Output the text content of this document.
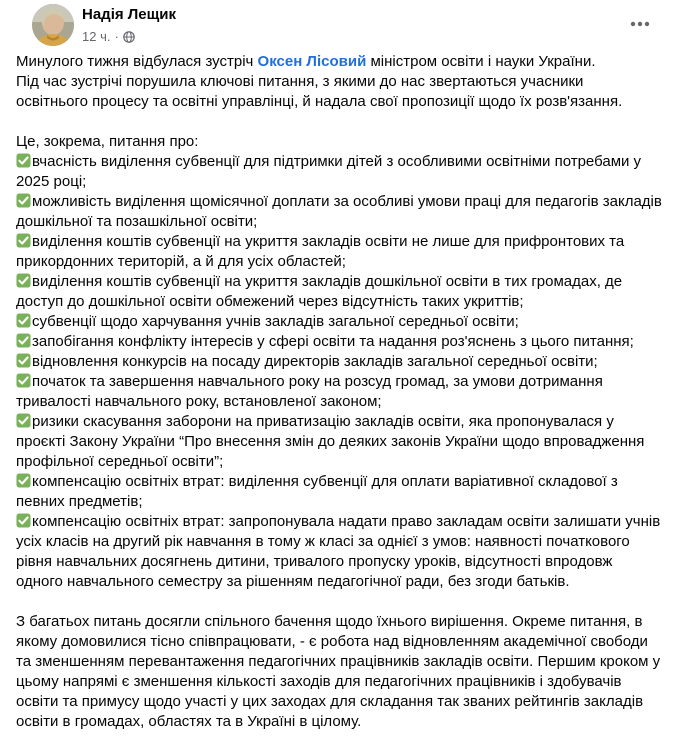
Надія Лещик
12 ч. ·
Минулого тижня відбулася зустріч Оксен Лісовий міністром освіти і науки України.
Під час зустрічі порушила ключові питання, з якими до нас звертаються учасники
освітнього процесу та освітні управлінці, й надала свої пропозиції щодо їх розв'язання.
Це, зокрема, питання про:
вчасність виділення субвенції для підтримки дітей з особливими освітніми потребами у
2025 році;
можливість виділення щомісячної доплати за особливі умови праці для педагогів закладів
дошкільної та позашкільної освіти;
виділення коштів субвенції на укриття закладів освіти не лише для прифронтових та
прикордонних територій, а й для усіх областей;
виділення коштів субвенції на укриття закладів дошкільної освіти в тих громадах, де
доступ до дошкільної освіти обмежений через відсутність таких укриттів;
субвенції щодо харчування учнів закладів загальної середньої освіти;
запобігання конфлікту інтересів у сфері освіти та надання роз'яснень з цього питання;
відновлення конкурсів на посаду директорів закладів загальної середньої освіти;
початок та завершення навчального року на розсуд громад, за умови дотримання
тривалості навчального року, встановленої законом;
ризики скасування заборони на приватизацію закладів освіти, яка пропонувалася у
проєкті Закону України “Про внесення змін до деяких законів України щодо впровадження
профільної середньої освіти”;
компенсацію освітніх втрат: виділення субвенції для оплати варіативної складової з
певних предметів;
компенсацію освітніх втрат: запропонувала надати право закладам освіти залишати учнів
усіх класів на другий рік навчання в тому ж класі за однієї з умов: наявності початкового
рівня навчальних досягнень дитини, тривалого пропуску уроків, відсутності впродовж
одного навчального семестру за рішенням педагогічної ради, без згоди батьків.
З багатьох питань досягли спільного бачення щодо їхнього вирішення. Окреме питання, в
якому домовилися тісно співпрацювати, - є робота над відновленням академічної свободи
та зменшенням перевантаження педагогічних працівників закладів освіти. Першим кроком у
цьому напрямі є зменшення кількості заходів для педагогічних працівників і здобувачів
освіти та примусу щодо участі у цих заходах для складання так званих рейтингів закладів
освіти в громадах, областях та в Україні в цілому.
